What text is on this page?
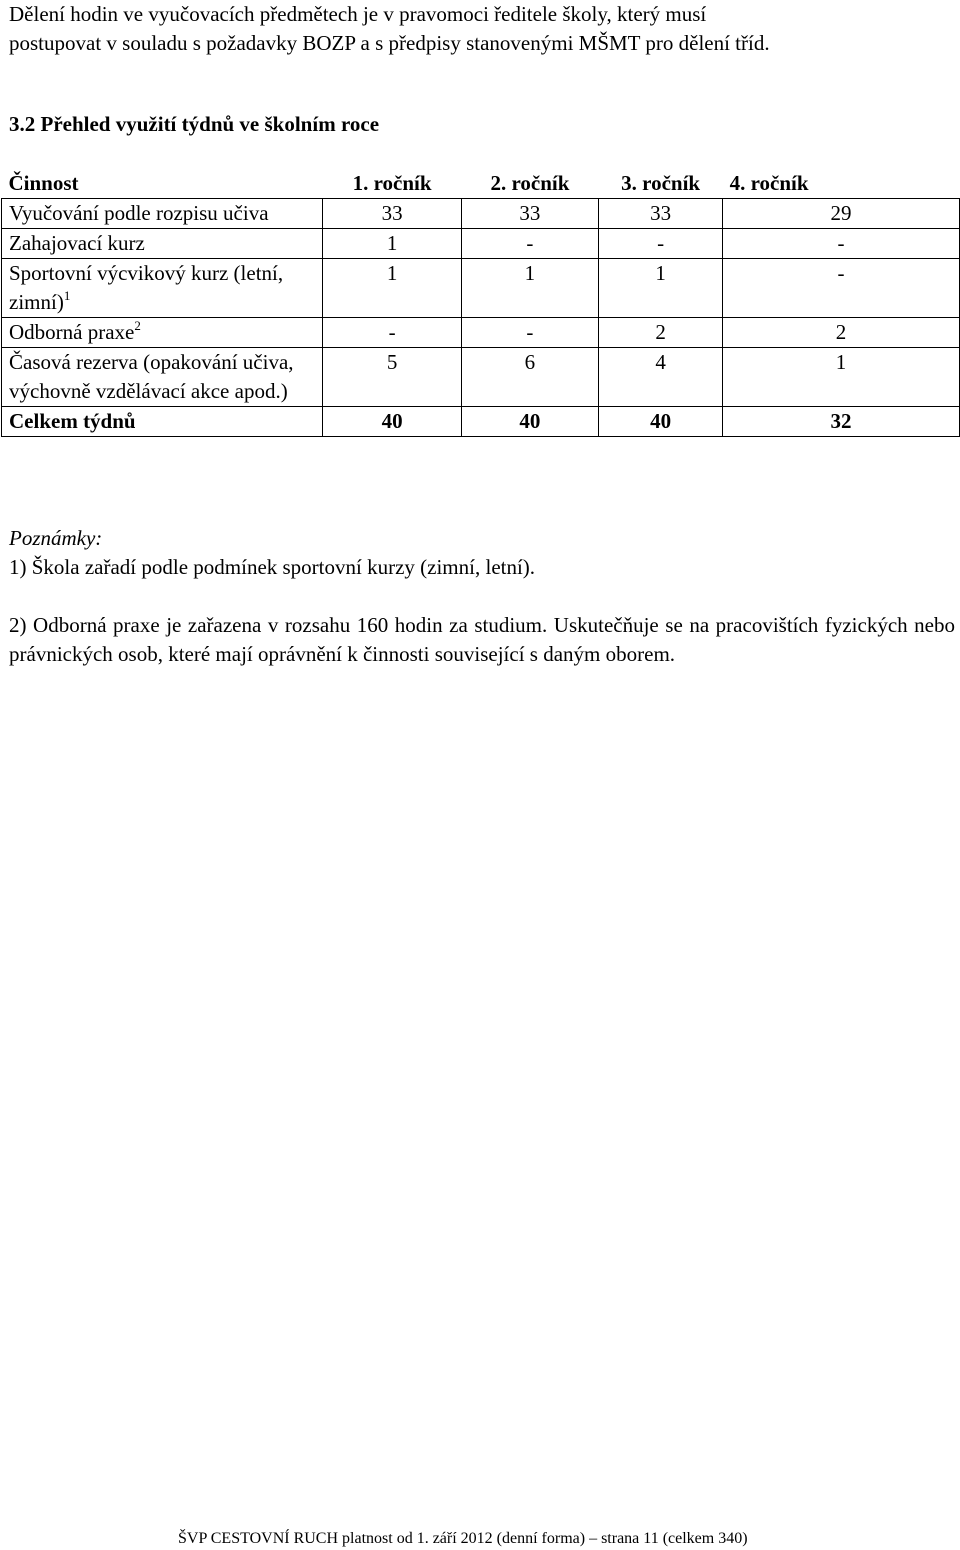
Dělení hodin ve vyučovacích předmětech je v pravomoci ředitele školy, který musí

postupovat v souladu s požadavky BOZP a s předpisy stanovenými MŠMT pro dělení tříd.

3.2 Přehled využití týdnů ve školním roce
Činnost	1. ročník	2. ročník	3. ročník	4. ročník
Vyučování podle rozpisu učiva	33	33	33	29
Zahajovací kurz	1	-	-	-
Sportovní výcvikový kurz (letní, zimní)$^1$	1	1	1	-
Odborná praxe$^2$	-	-	2	2
Časová rezerva (opakování učiva, výchovně vzdělávací akce apod.)	5	6	4	1
Celkem týdnů	40	40	40	32

Poznámky:

1) Škola zařadí podle podmínek sportovní kurzy (zimní, letní).

2) Odborná praxe je zařazena v rozsahu 160 hodin za studium. Uskutečňuje se na pracovištích fyzických nebo právnických osob, které mají oprávnění k činnosti související s daným oborem.

ŠVP CESTOVNÍ RUCH platnost od 1. září 2012 (denní forma) – strana 11 (celkem 340)
